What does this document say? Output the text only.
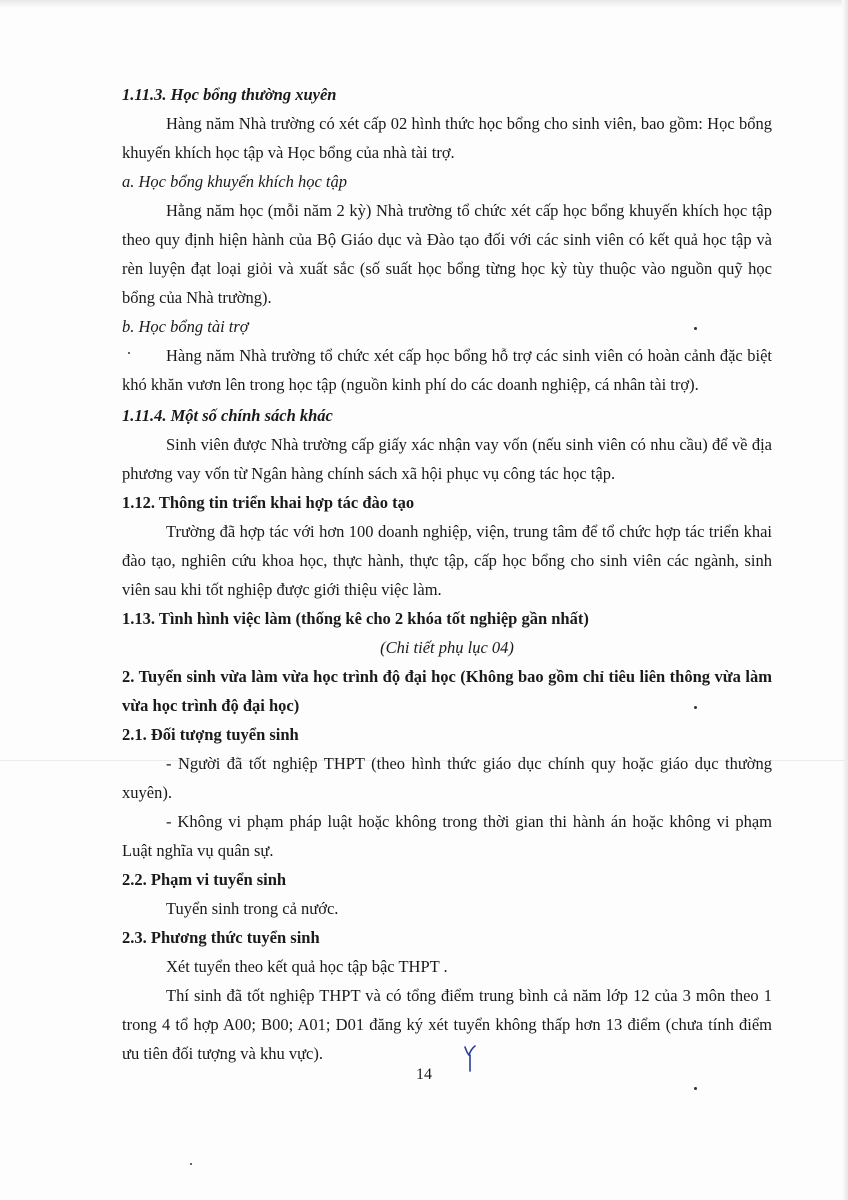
1.11.3. Học bổng thường xuyên

Hàng năm Nhà trường có xét cấp 02 hình thức học bổng cho sinh viên, bao gồm: Học bổng khuyến khích học tập và Học bổng của nhà tài trợ.

a. Học bổng khuyến khích học tập

Hằng năm học (mỗi năm 2 kỳ) Nhà trường tổ chức xét cấp học bổng khuyến khích học tập theo quy định hiện hành của Bộ Giáo dục và Đào tạo đối với các sinh viên có kết quả học tập và rèn luyện đạt loại giỏi và xuất sắc (số suất học bổng từng học kỳ tùy thuộc vào nguồn quỹ học bổng của Nhà trường).

b. Học bổng tài trợ

Hàng năm Nhà trường tổ chức xét cấp học bổng hỗ trợ các sinh viên có hoàn cảnh đặc biệt khó khăn vươn lên trong học tập (nguồn kinh phí do các doanh nghiệp, cá nhân tài trợ).

1.11.4. Một số chính sách khác

Sinh viên được Nhà trường cấp giấy xác nhận vay vốn (nếu sinh viên có nhu cầu) để về địa phương vay vốn từ Ngân hàng chính sách xã hội phục vụ công tác học tập.

1.12. Thông tin triển khai hợp tác đào tạo

Trường đã hợp tác với hơn 100 doanh nghiệp, viện, trung tâm để tổ chức hợp tác triển khai đào tạo, nghiên cứu khoa học, thực hành, thực tập, cấp học bổng cho sinh viên các ngành, sinh viên sau khi tốt nghiệp được giới thiệu việc làm.

1.13. Tình hình việc làm (thống kê cho 2 khóa tốt nghiệp gần nhất)

(Chi tiết phụ lục 04)

2. Tuyển sinh vừa làm vừa học trình độ đại học (Không bao gồm chỉ tiêu liên thông vừa làm vừa học trình độ đại học)

2.1. Đối tượng tuyển sinh

- Người đã tốt nghiệp THPT (theo hình thức giáo dục chính quy hoặc giáo dục thường xuyên).

- Không vi phạm pháp luật hoặc không trong thời gian thi hành án hoặc không vi phạm Luật nghĩa vụ quân sự.

2.2. Phạm vi tuyển sinh

Tuyển sinh trong cả nước.

2.3. Phương thức tuyển sinh

Xét tuyển theo kết quả học tập bậc THPT .

Thí sinh đã tốt nghiệp THPT và có tổng điểm trung bình cả năm lớp 12 của 3 môn theo 1 trong 4 tổ hợp A00; B00; A01; D01 đăng ký xét tuyển không thấp hơn 13 điểm (chưa tính điểm ưu tiên đối tượng và khu vực).

14
